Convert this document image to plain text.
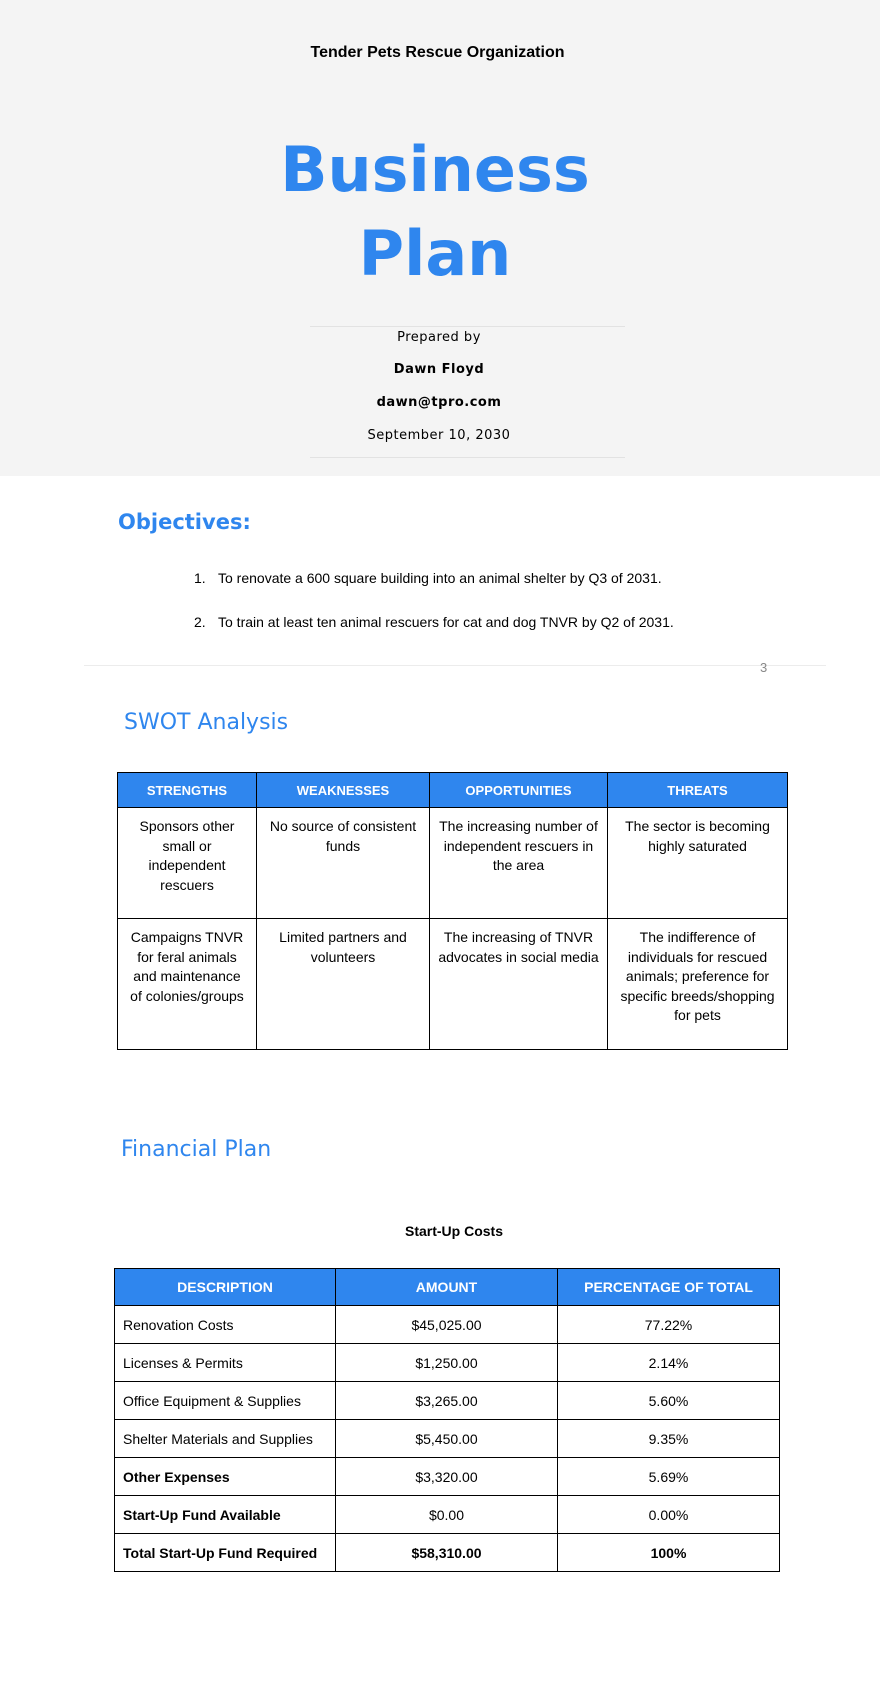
Tender Pets Rescue Organization
Business
Plan
Prepared by
Dawn Floyd
dawn@tpro.com
September 10, 2030
Objectives:
1. To renovate a 600 square building into an animal shelter by Q3 of 2031.
2. To train at least ten animal rescuers for cat and dog TNVR by Q2 of 2031.
3
SWOT Analysis
STRENGTHS	WEAKNESSES	OPPORTUNITIES	THREATS
Sponsors other small or independent rescuers	No source of consistent funds	The increasing number of independent rescuers in the area	The sector is becoming highly saturated
Campaigns TNVR for feral animals and maintenance of colonies/groups	Limited partners and volunteers	The increasing of TNVR advocates in social media	The indifference of individuals for rescued animals; preference for specific breeds/shopping for pets
Financial Plan
Start-Up Costs
DESCRIPTION	AMOUNT	PERCENTAGE OF TOTAL
Renovation Costs	$45,025.00	77.22%
Licenses & Permits	$1,250.00	2.14%
Office Equipment & Supplies	$3,265.00	5.60%
Shelter Materials and Supplies	$5,450.00	9.35%
Other Expenses	$3,320.00	5.69%
Start-Up Fund Available	$0.00	0.00%
Total Start-Up Fund Required	$58,310.00	100%
